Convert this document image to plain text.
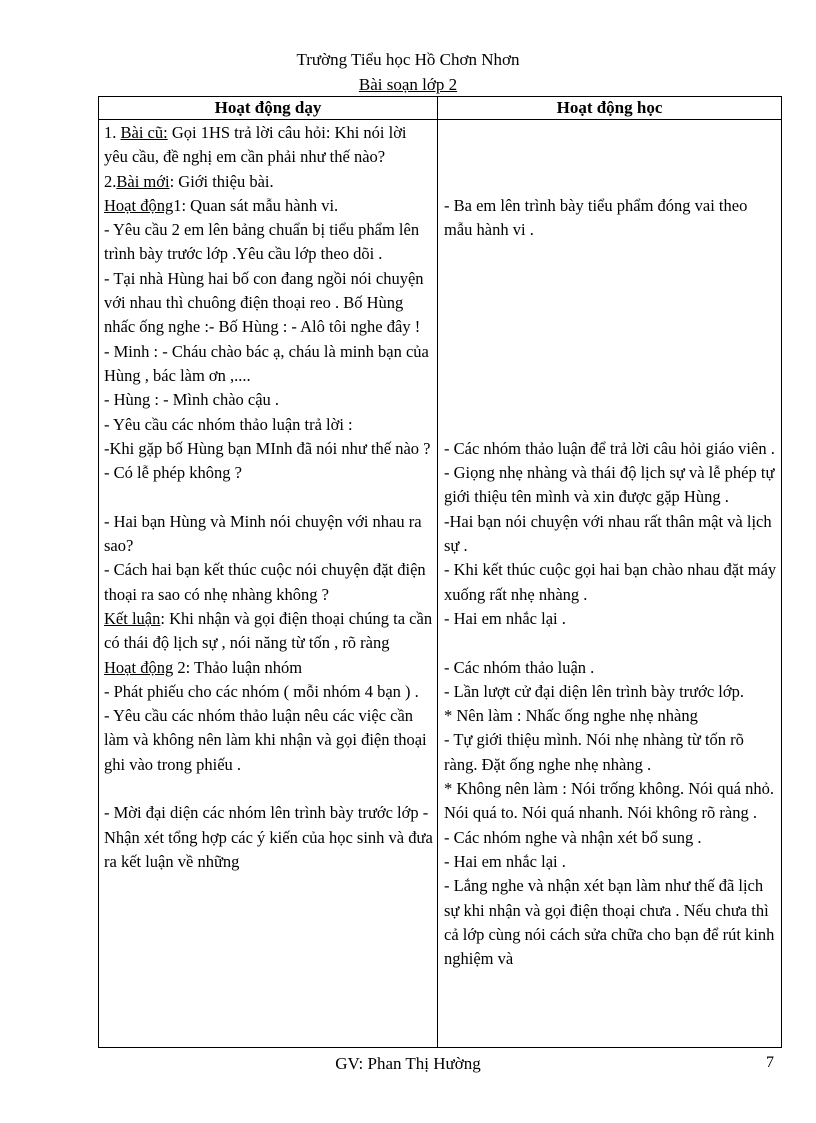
Trường Tiểu học Hồ Chơn Nhơn
Bài soạn lớp 2
Hoạt động dạy	Hoạt động học

1. Bài cũ: Gọi 1HS trả lời câu hỏi: Khi nói lời yêu cầu, đề nghị em cần phải như thế nào?

2.Bài mới: Giới thiệu bài.

Hoạt động1: Quan sát mẫu hành vi.

- Yêu cầu 2 em lên bảng chuẩn bị tiểu phẩm lên trình bày trước lớp .Yêu cầu lớp theo dõi .

- Tại nhà Hùng hai bố con đang ngồi nói chuyện với nhau thì chuông điện thoại reo . Bố Hùng nhấc ống nghe :- Bố Hùng : - Alô tôi nghe đây !

- Minh : - Cháu chào bác ạ, cháu là minh bạn của Hùng , bác làm ơn ,....

- Hùng : - Mình chào cậu .

- Yêu cầu các nhóm thảo luận trả lời :

-Khi gặp bố Hùng bạn MInh đã nói như thế nào ?

- Có lễ phép không ?

- Hai bạn Hùng và Minh nói chuyện với nhau ra sao?

- Cách hai bạn kết thúc cuộc nói chuyện đặt điện thoại ra sao có nhẹ nhàng không ?

Kết luận: Khi nhận và gọi điện thoại chúng ta cần có thái độ lịch sự , nói năng từ tốn , rõ ràng

Hoạt động 2: Thảo luận nhóm

- Phát phiếu cho các nhóm ( mỗi nhóm 4 bạn ) .

- Yêu cầu các nhóm thảo luận nêu các việc cần làm và không nên làm khi nhận và gọi điện thoại ghi vào trong phiếu .

- Mời đại diện các nhóm lên trình bày trước lớp - Nhận xét tổng hợp các ý kiến của học sinh và đưa ra kết luận về những

- Ba em lên trình bày tiểu phẩm đóng vai theo mẫu hành vi .

- Các nhóm thảo luận để trả lời câu hỏi giáo viên .

- Giọng nhẹ nhàng và thái độ lịch sự và lễ phép tự giới thiệu tên mình và xin được gặp Hùng .

-Hai bạn nói chuyện với nhau rất thân mật và lịch sự .

- Khi kết thúc cuộc gọi hai bạn chào nhau đặt máy xuống rất nhẹ nhàng .

- Hai em nhắc lại .

- Các nhóm thảo luận .

- Lần lượt cử đại diện lên trình bày trước lớp.

* Nên làm : Nhấc ống nghe nhẹ nhàng

- Tự giới thiệu mình. Nói nhẹ nhàng từ tốn rõ ràng. Đặt ống nghe nhẹ nhàng .

* Không nên làm : Nói trống không. Nói quá nhỏ. Nói quá to. Nói quá nhanh. Nói không rõ ràng .

- Các nhóm nghe và nhận xét bổ sung .

- Hai em nhắc lại .

- Lắng nghe và nhận xét bạn làm như thế đã lịch sự khi nhận và gọi điện thoại chưa . Nếu chưa thì cả lớp cùng nói cách sửa chữa cho bạn để rút kinh nghiệm và

GV: Phan Thị Hường	7
